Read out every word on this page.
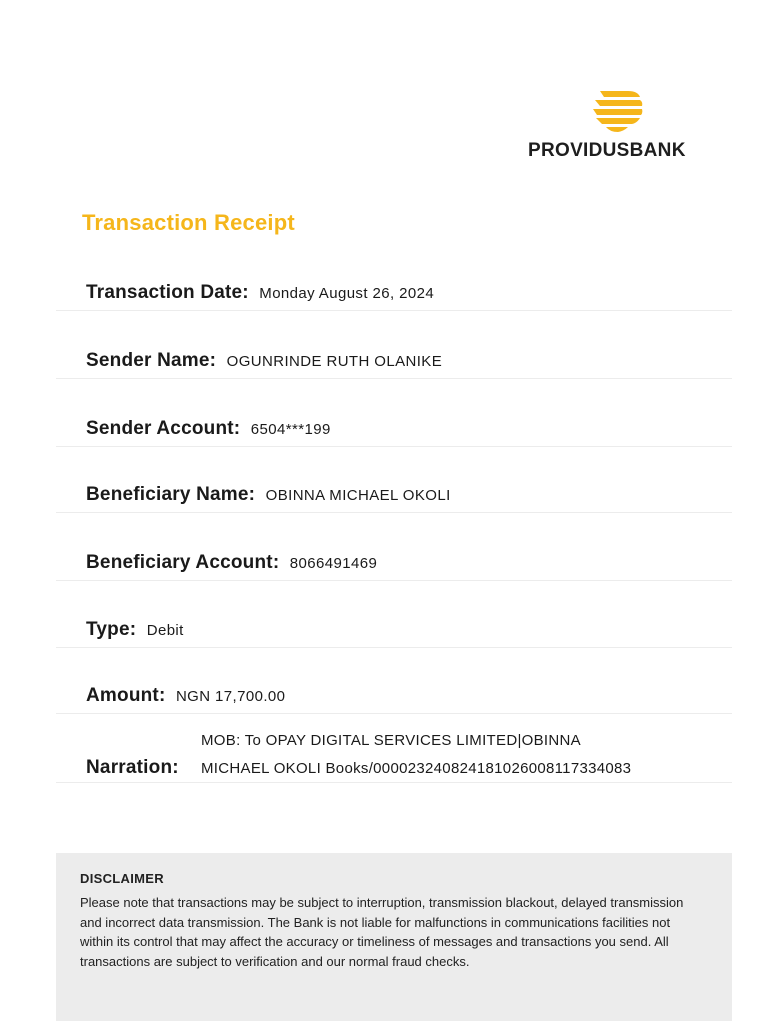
PROVIDUSBANK
Transaction Receipt
Transaction Date: Monday August 26, 2024
Sender Name: OGUNRINDE RUTH OLANIKE
Sender Account: 6504***199
Beneficiary Name: OBINNA MICHAEL OKOLI
Beneficiary Account: 8066491469
Type: Debit
Amount: NGN 17,700.00
Narration:
MOB: To OPAY DIGITAL SERVICES LIMITED|OBINNA
MICHAEL OKOLI Books/000023240824181026008117334083
DISCLAIMER
Please note that transactions may be subject to interruption, transmission blackout, delayed transmission and incorrect data transmission. The Bank is not liable for malfunctions in communications facilities not within its control that may affect the accuracy or timeliness of messages and transactions you send. All transactions are subject to verification and our normal fraud checks.
